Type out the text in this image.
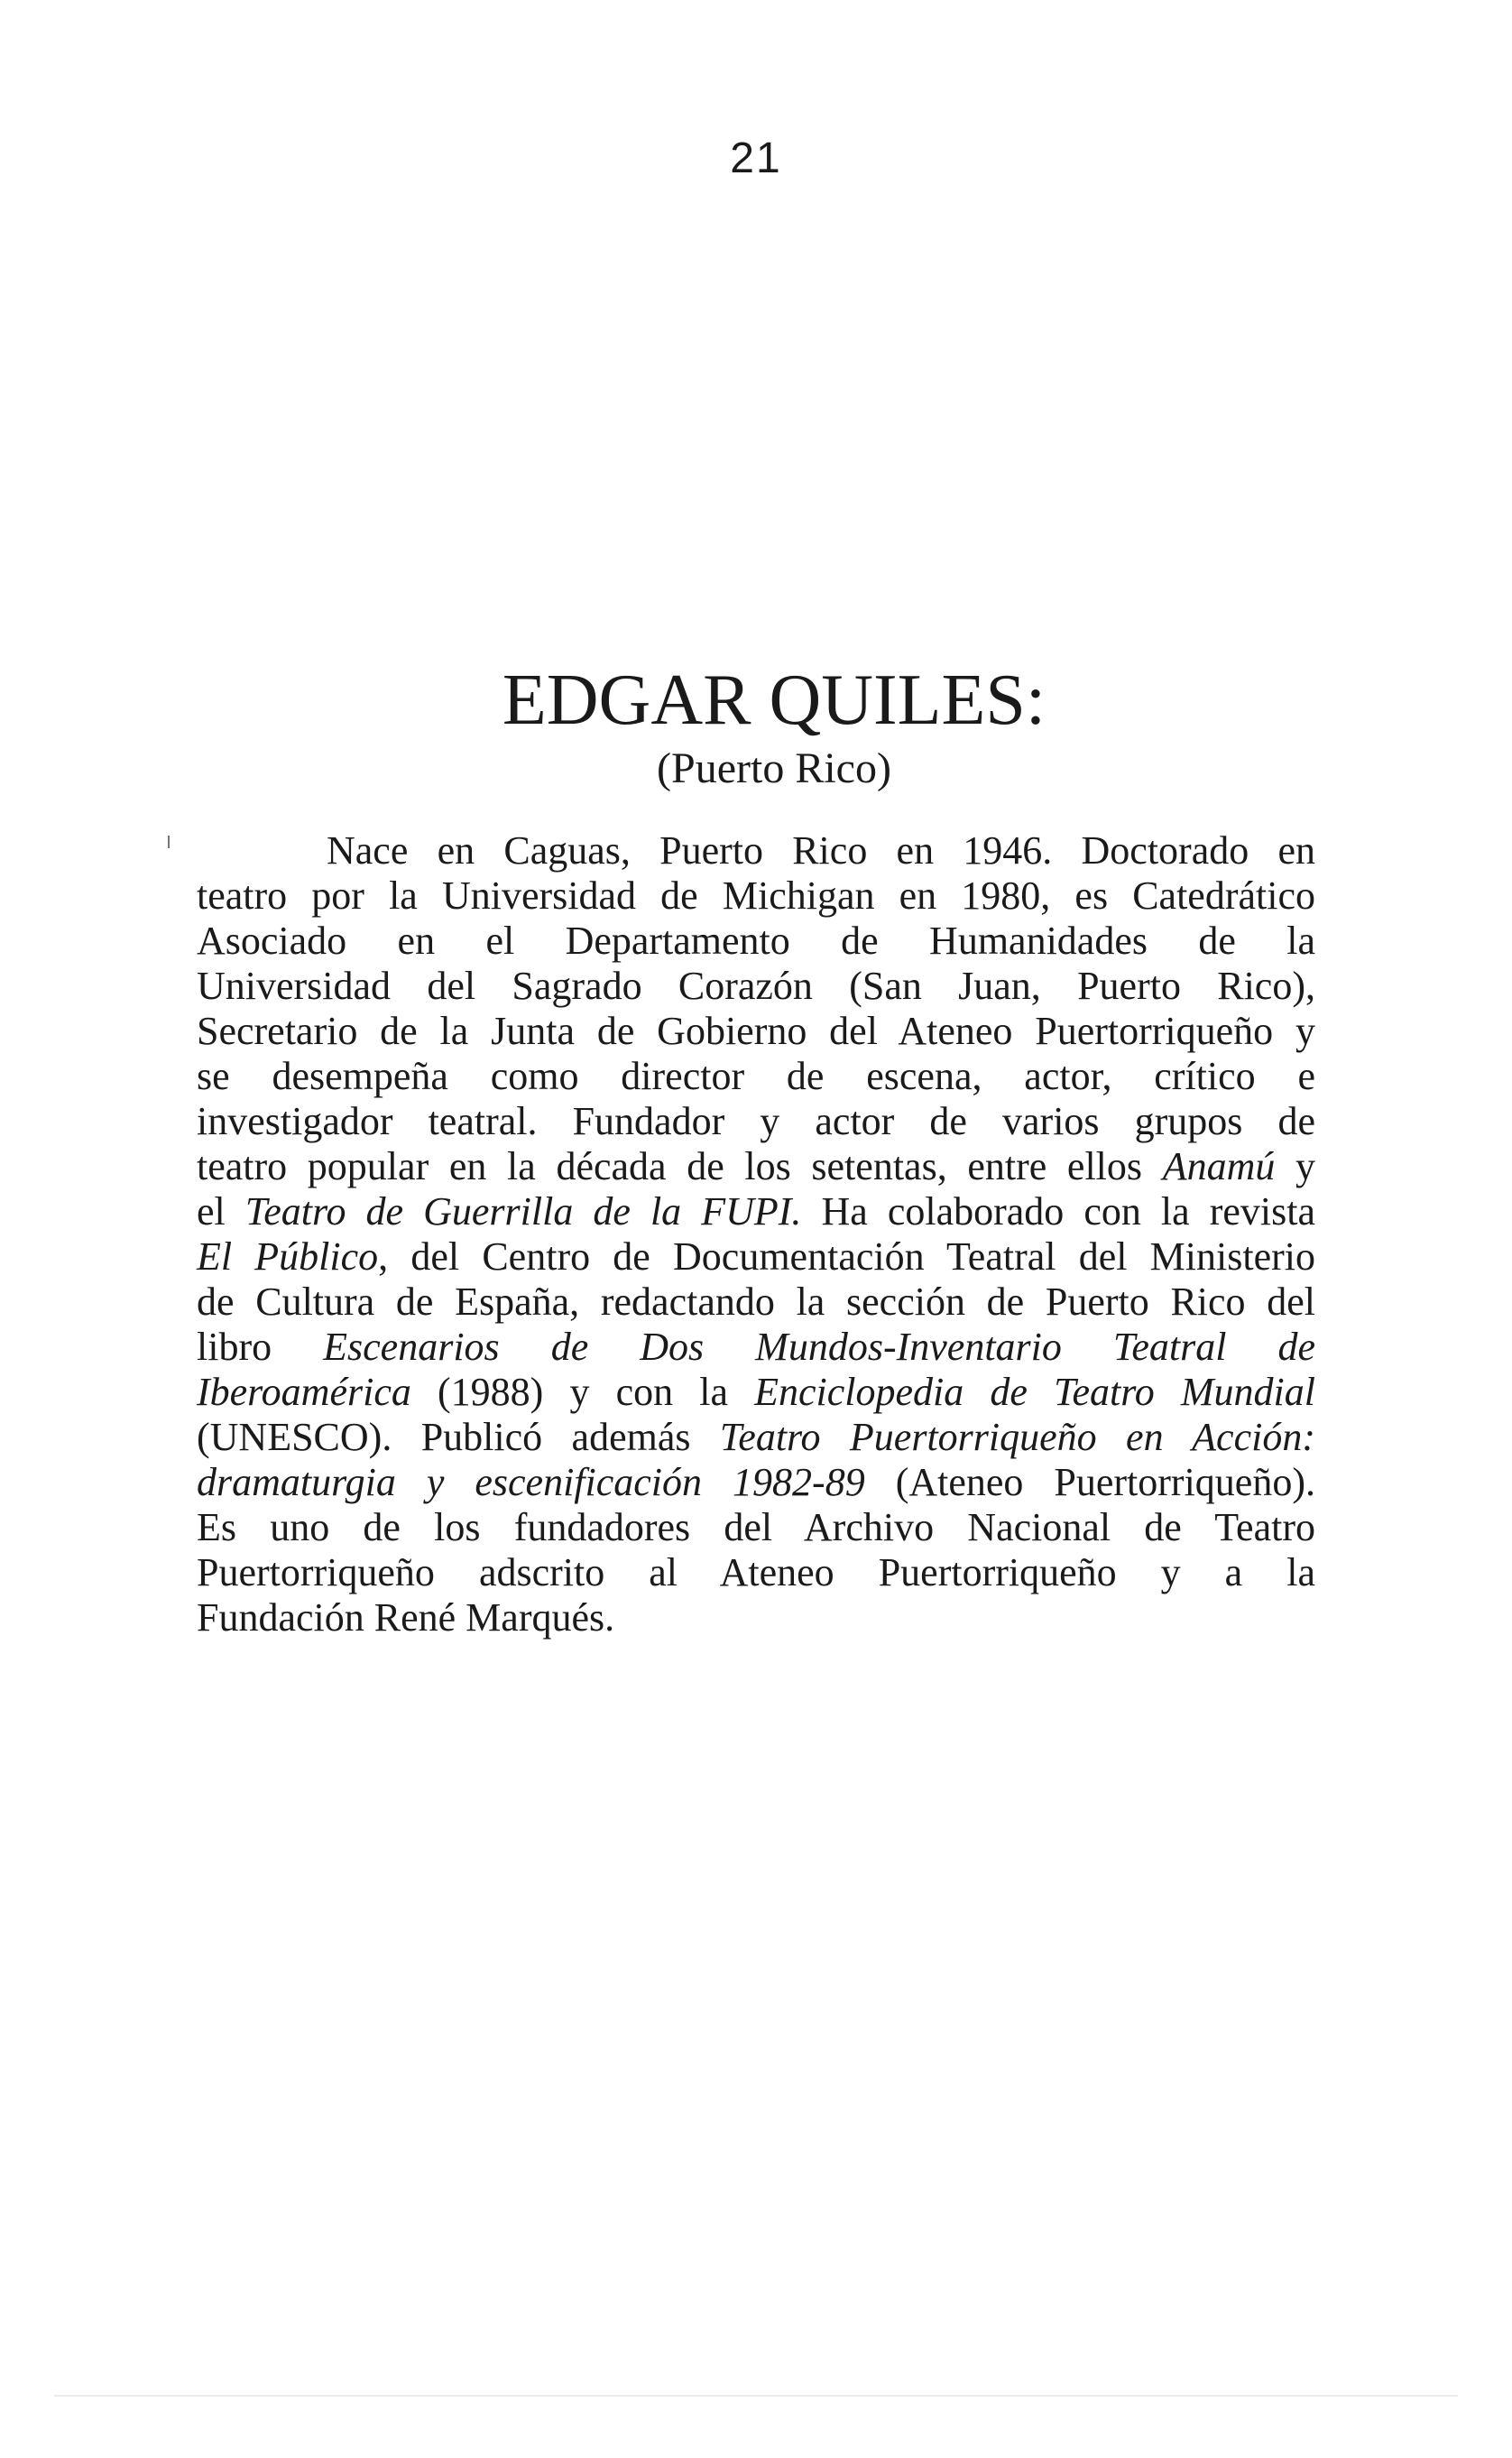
21
EDGAR QUILES:
(Puerto Rico)

Nace en Caguas, Puerto Rico en 1946. Doctorado en
teatro por la Universidad de Michigan en 1980, es Catedrático
Asociado en el Departamento de Humanidades de la
Universidad del Sagrado Corazón (San Juan, Puerto Rico),
Secretario de la Junta de Gobierno del Ateneo Puertorriqueño y
se desempeña como director de escena, actor, crítico e
investigador teatral. Fundador y actor de varios grupos de
teatro popular en la década de los setentas, entre ellos Anamú y
el Teatro de Guerrilla de la FUPI. Ha colaborado con la revista
El Público, del Centro de Documentación Teatral del Ministerio
de Cultura de España, redactando la sección de Puerto Rico del
libro Escenarios de Dos Mundos-Inventario Teatral de
Iberoamérica (1988) y con la Enciclopedia de Teatro Mundial
(UNESCO). Publicó además Teatro Puertorriqueño en Acción:
dramaturgia y escenificación 1982-89 (Ateneo Puertorriqueño).
Es uno de los fundadores del Archivo Nacional de Teatro
Puertorriqueño adscrito al Ateneo Puertorriqueño y a la
Fundación René Marqués.
